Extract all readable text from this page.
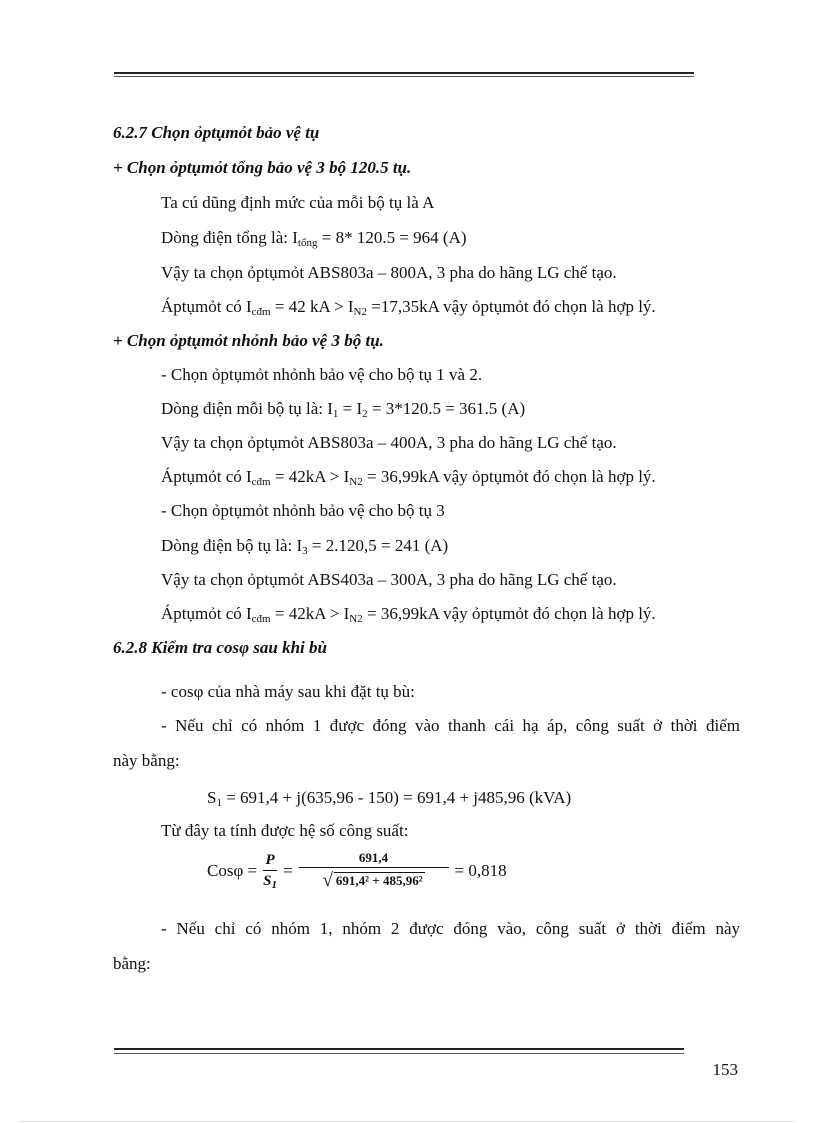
6.2.7 Chọn ỏptụmỏt bảo vệ tụ
+ Chọn ỏptụmỏt tổng bảo vệ 3 bộ 120.5 tụ.
Ta cú dũng định mức của mỗi bộ tụ là A
Dòng điện tổng là: $I_{tổng} = 8*$ 120.5 = 964 (A)
Vậy ta chọn ỏptụmỏt ABS803a – 800A, 3 pha do hãng LG chế tạo.
Áptụmỏt có $I_{cđm} = 42$ kA > $I_{N2} =17,35kA$ vậy ỏptụmỏt đó chọn là hợp lý.
+ Chọn ỏptụmỏt nhỏnh bảo vệ 3 bộ tụ.
- Chọn ỏptụmỏt nhỏnh bảo vệ cho bộ tụ 1 và 2.
Dòng điện mỗi bộ tụ là: $I_1 = I_2 = 3*120.5 = 361.5$ (A)
Vậy ta chọn ỏptụmỏt ABS803a – 400A, 3 pha do hãng LG chế tạo.
Áptụmỏt có $I_{cđm} = 42kA > I_{N2} = 36,99kA$ vậy ỏptụmỏt đó chọn là hợp lý.
- Chọn ỏptụmỏt nhỏnh bảo vệ cho bộ tụ 3
Dòng điện bộ tụ là: $I_3 = 2.120,5 = 241$ (A)
Vậy ta chọn ỏptụmỏt ABS403a – 300A, 3 pha do hãng LG chế tạo.
Áptụmỏt có $I_{cđm} = 42kA > I_{N2} = 36,99kA$ vậy ỏptụmỏt đó chọn là hợp lý.
6.2.8 Kiểm tra cosφ sau khi bù
- cosφ của nhà máy sau khi đặt tụ bù:
- Nếu chỉ có nhóm 1 được đóng vào thanh cái hạ áp, công suất ở thời điểm
này bằng:
$S_1 = 691,4 + j(635,96 - 150) = 691,4 + j485,96$ (kVA)
Từ đây ta tính được hệ số công suất:
$Cos\varphi = \frac{P}{S_1} = \frac{691,4}{\text{√ 691,4² + 485,96²}} = 0,818$
- Nếu chỉ có nhóm 1, nhóm 2 được đóng vào, công suất ở thời điểm này
bằng:
153
